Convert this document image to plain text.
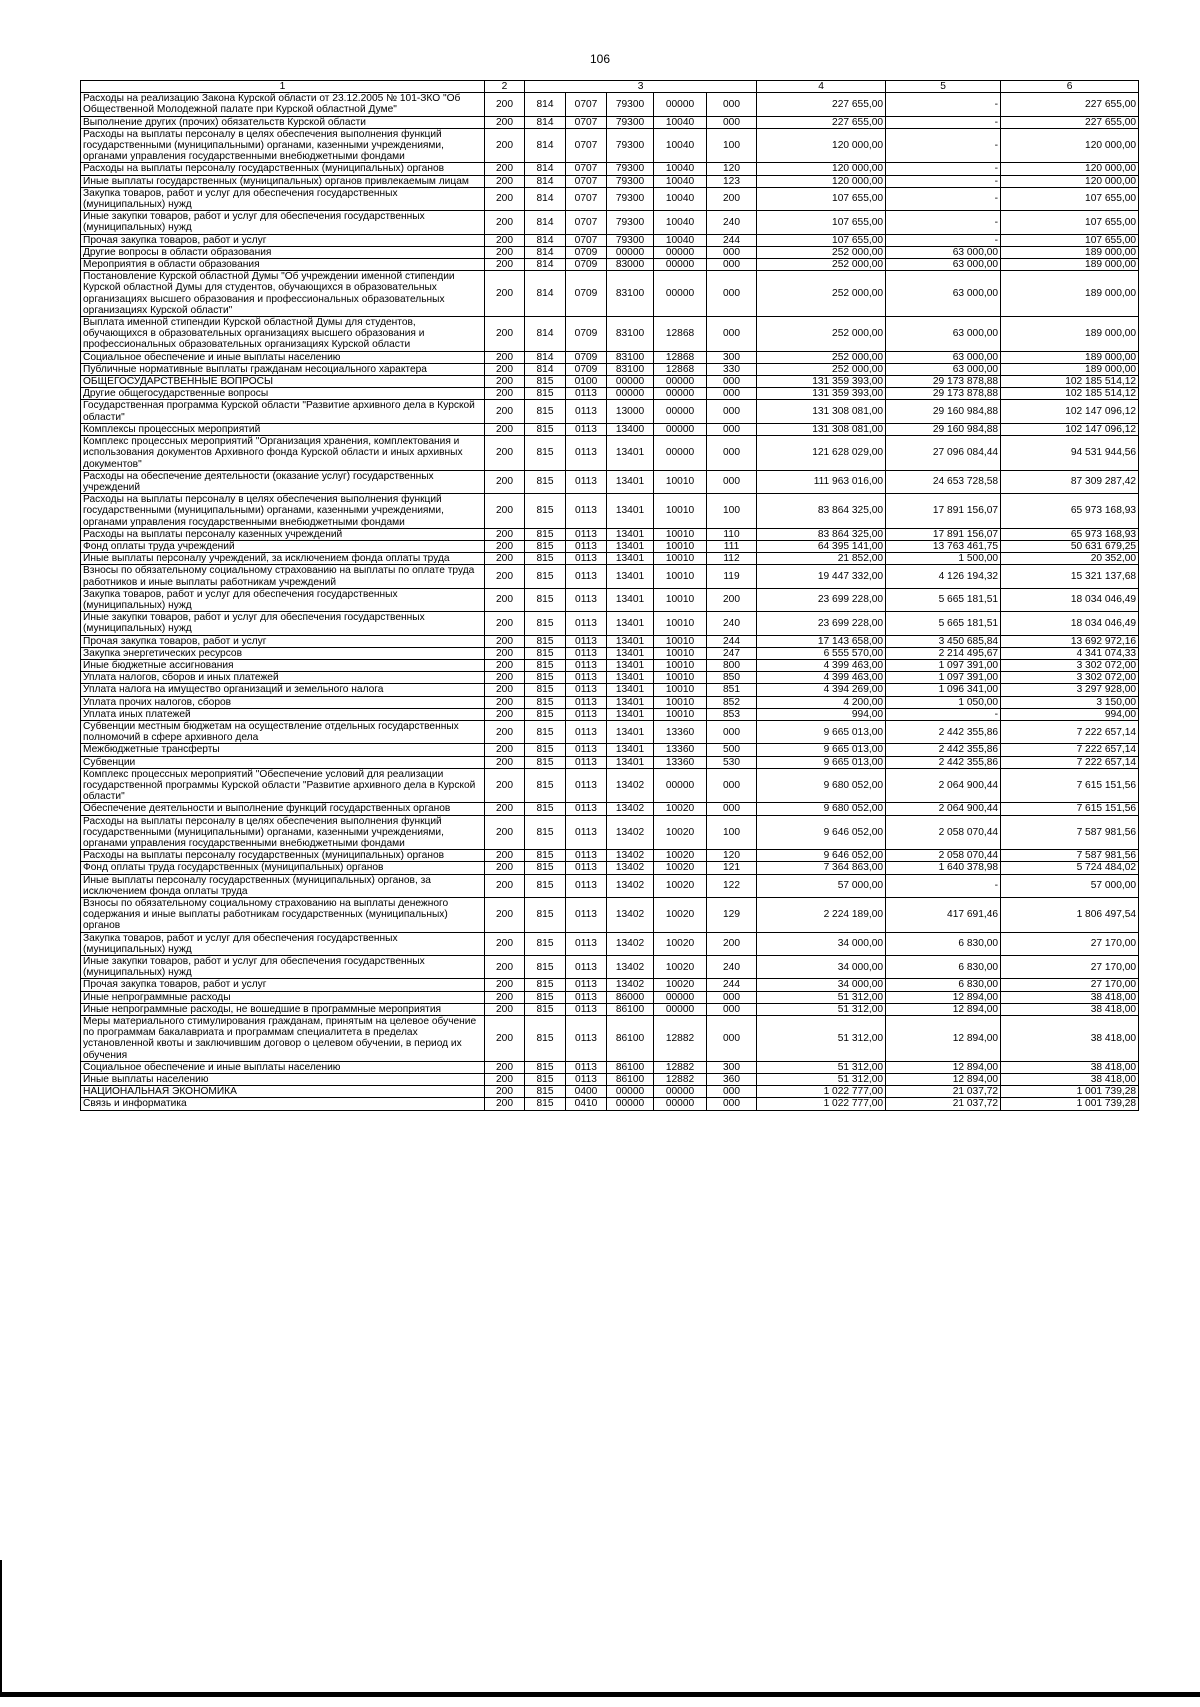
106
1	2	3					4	5	6
Расходы на реализацию Закона Курской области от 23.12.2005 № 101-ЗКО "Об Общественной Молодежной палате при Курской областной Думе"	200	814	0707	79300	00000	000	227 655,00	-	227 655,00
Выполнение других (прочих) обязательств Курской области	200	814	0707	79300	10040	000	227 655,00	-	227 655,00
Расходы на выплаты персоналу в целях обеспечения выполнения функций государственными (муниципальными) органами, казенными учреждениями, органами управления государственными внебюджетными фондами	200	814	0707	79300	10040	100	120 000,00	-	120 000,00
Расходы на выплаты персоналу государственных (муниципальных) органов	200	814	0707	79300	10040	120	120 000,00	-	120 000,00
Иные выплаты государственных (муниципальных) органов привлекаемым лицам	200	814	0707	79300	10040	123	120 000,00	-	120 000,00
Закупка товаров, работ и услуг для обеспечения государственных (муниципальных) нужд	200	814	0707	79300	10040	200	107 655,00	-	107 655,00
Иные закупки товаров, работ и услуг для обеспечения государственных (муниципальных) нужд	200	814	0707	79300	10040	240	107 655,00	-	107 655,00
Прочая закупка товаров, работ и услуг	200	814	0707	79300	10040	244	107 655,00	-	107 655,00
Другие вопросы в области образования	200	814	0709	00000	00000	000	252 000,00	63 000,00	189 000,00
Мероприятия в области образования	200	814	0709	83000	00000	000	252 000,00	63 000,00	189 000,00
Постановление Курской областной Думы "Об учреждении именной стипендии Курской областной Думы для студентов, обучающихся в образовательных организациях высшего образования и профессиональных образовательных организациях Курской области"	200	814	0709	83100	00000	000	252 000,00	63 000,00	189 000,00
Выплата именной стипендии Курской областной Думы для студентов, обучающихся в образовательных организациях высшего образования и профессиональных образовательных организациях Курской области	200	814	0709	83100	12868	000	252 000,00	63 000,00	189 000,00
Социальное обеспечение и иные выплаты населению	200	814	0709	83100	12868	300	252 000,00	63 000,00	189 000,00
Публичные нормативные выплаты гражданам несоциального характера	200	814	0709	83100	12868	330	252 000,00	63 000,00	189 000,00
ОБЩЕГОСУДАРСТВЕННЫЕ ВОПРОСЫ	200	815	0100	00000	00000	000	131 359 393,00	29 173 878,88	102 185 514,12
Другие общегосударственные вопросы	200	815	0113	00000	00000	000	131 359 393,00	29 173 878,88	102 185 514,12
Государственная программа Курской области "Развитие архивного дела в Курской области"	200	815	0113	13000	00000	000	131 308 081,00	29 160 984,88	102 147 096,12
Комплексы процессных мероприятий	200	815	0113	13400	00000	000	131 308 081,00	29 160 984,88	102 147 096,12
Комплекс процессных мероприятий "Организация хранения, комплектования и использования документов Архивного фонда Курской области и иных архивных документов"	200	815	0113	13401	00000	000	121 628 029,00	27 096 084,44	94 531 944,56
Расходы на обеспечение деятельности (оказание услуг) государственных учреждений	200	815	0113	13401	10010	000	111 963 016,00	24 653 728,58	87 309 287,42
Расходы на выплаты персоналу в целях обеспечения выполнения функций государственными (муниципальными) органами, казенными учреждениями, органами управления государственными внебюджетными фондами	200	815	0113	13401	10010	100	83 864 325,00	17 891 156,07	65 973 168,93
Расходы на выплаты персоналу казенных учреждений	200	815	0113	13401	10010	110	83 864 325,00	17 891 156,07	65 973 168,93
Фонд оплаты труда учреждений	200	815	0113	13401	10010	111	64 395 141,00	13 763 461,75	50 631 679,25
Иные выплаты персоналу учреждений, за исключением фонда оплаты труда	200	815	0113	13401	10010	112	21 852,00	1 500,00	20 352,00
Взносы по обязательному социальному страхованию на выплаты по оплате труда работников и иные выплаты работникам учреждений	200	815	0113	13401	10010	119	19 447 332,00	4 126 194,32	15 321 137,68
Закупка товаров, работ и услуг для обеспечения государственных (муниципальных) нужд	200	815	0113	13401	10010	200	23 699 228,00	5 665 181,51	18 034 046,49
Иные закупки товаров, работ и услуг для обеспечения государственных (муниципальных) нужд	200	815	0113	13401	10010	240	23 699 228,00	5 665 181,51	18 034 046,49
Прочая закупка товаров, работ и услуг	200	815	0113	13401	10010	244	17 143 658,00	3 450 685,84	13 692 972,16
Закупка энергетических ресурсов	200	815	0113	13401	10010	247	6 555 570,00	2 214 495,67	4 341 074,33
Иные бюджетные ассигнования	200	815	0113	13401	10010	800	4 399 463,00	1 097 391,00	3 302 072,00
Уплата налогов, сборов и иных платежей	200	815	0113	13401	10010	850	4 399 463,00	1 097 391,00	3 302 072,00
Уплата налога на имущество организаций и земельного налога	200	815	0113	13401	10010	851	4 394 269,00	1 096 341,00	3 297 928,00
Уплата прочих налогов, сборов	200	815	0113	13401	10010	852	4 200,00	1 050,00	3 150,00
Уплата иных платежей	200	815	0113	13401	10010	853	994,00	-	994,00
Субвенции местным бюджетам на осуществление отдельных государственных полномочий в сфере архивного дела	200	815	0113	13401	13360	000	9 665 013,00	2 442 355,86	7 222 657,14
Межбюджетные трансферты	200	815	0113	13401	13360	500	9 665 013,00	2 442 355,86	7 222 657,14
Субвенции	200	815	0113	13401	13360	530	9 665 013,00	2 442 355,86	7 222 657,14
Комплекс процессных мероприятий "Обеспечение условий для реализации государственной программы Курской области "Развитие архивного дела в Курской области"	200	815	0113	13402	00000	000	9 680 052,00	2 064 900,44	7 615 151,56
Обеспечение деятельности и выполнение функций государственных органов	200	815	0113	13402	10020	000	9 680 052,00	2 064 900,44	7 615 151,56
Расходы на выплаты персоналу в целях обеспечения выполнения функций государственными (муниципальными) органами, казенными учреждениями, органами управления государственными внебюджетными фондами	200	815	0113	13402	10020	100	9 646 052,00	2 058 070,44	7 587 981,56
Расходы на выплаты персоналу государственных (муниципальных) органов	200	815	0113	13402	10020	120	9 646 052,00	2 058 070,44	7 587 981,56
Фонд оплаты труда государственных (муниципальных) органов	200	815	0113	13402	10020	121	7 364 863,00	1 640 378,98	5 724 484,02
Иные выплаты персоналу государственных (муниципальных) органов, за исключением фонда оплаты труда	200	815	0113	13402	10020	122	57 000,00	-	57 000,00
Взносы по обязательному социальному страхованию на выплаты денежного содержания и иные выплаты работникам государственных (муниципальных) органов	200	815	0113	13402	10020	129	2 224 189,00	417 691,46	1 806 497,54
Закупка товаров, работ и услуг для обеспечения государственных (муниципальных) нужд	200	815	0113	13402	10020	200	34 000,00	6 830,00	27 170,00
Иные закупки товаров, работ и услуг для обеспечения государственных (муниципальных) нужд	200	815	0113	13402	10020	240	34 000,00	6 830,00	27 170,00
Прочая закупка товаров, работ и услуг	200	815	0113	13402	10020	244	34 000,00	6 830,00	27 170,00
Иные непрограммные расходы	200	815	0113	86000	00000	000	51 312,00	12 894,00	38 418,00
Иные непрограммные расходы, не вошедшие в программные мероприятия	200	815	0113	86100	00000	000	51 312,00	12 894,00	38 418,00
Меры материального стимулирования гражданам, принятым на целевое обучение по программам бакалавриата и программам специалитета в пределах установленной квоты и заключившим договор о целевом обучении, в период их обучения	200	815	0113	86100	12882	000	51 312,00	12 894,00	38 418,00
Социальное обеспечение и иные выплаты населению	200	815	0113	86100	12882	300	51 312,00	12 894,00	38 418,00
Иные выплаты населению	200	815	0113	86100	12882	360	51 312,00	12 894,00	38 418,00
НАЦИОНАЛЬНАЯ ЭКОНОМИКА	200	815	0400	00000	00000	000	1 022 777,00	21 037,72	1 001 739,28
Связь и информатика	200	815	0410	00000	00000	000	1 022 777,00	21 037,72	1 001 739,28
